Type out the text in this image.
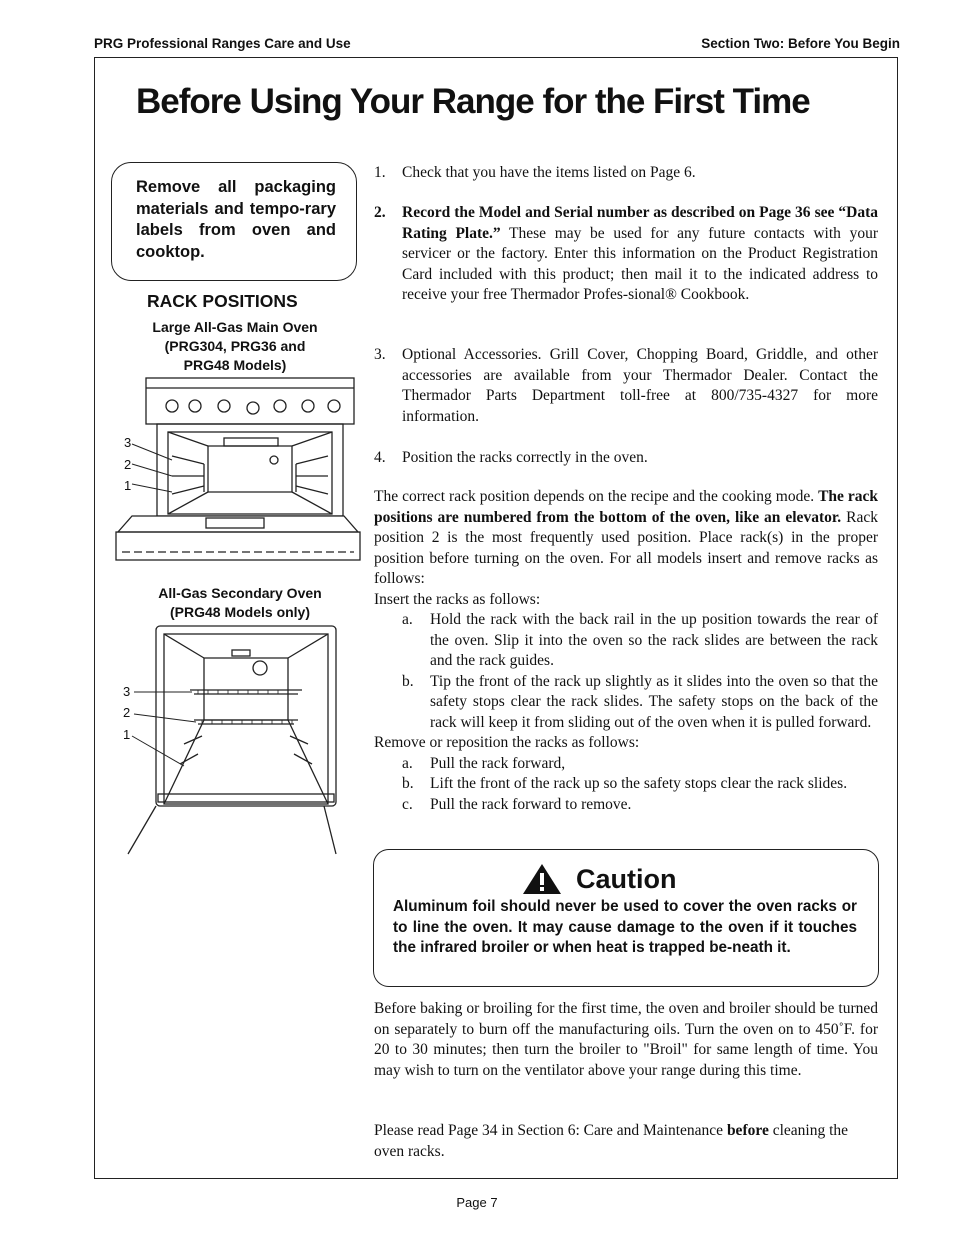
PRG Professional Ranges Care and Use	Section Two: Before You Begin
Before Using Your Range for the First Time
Remove all packaging materials and tempo-rary labels from oven and cooktop.
RACK POSITIONS
Large All-Gas Main Oven
(PRG304, PRG36 and
PRG48 Models)
3
2
1
All-Gas Secondary Oven
(PRG48 Models only)
3
2
1
1.	Check that you have the items listed on Page 6.

2.	Record the Model and Serial number as described on Page 36 see “Data Rating Plate.” These may be used for any future contacts with your servicer or the factory. Enter this information on the Product Registration Card included with this product; then mail it to the indicated address to receive your free Thermador Profes-sional® Cookbook.

3.	Optional Accessories. Grill Cover, Chopping Board, Griddle, and other accessories are available from your Thermador Dealer. Contact the Thermador Parts Department toll-free at 800/735-4327 for more information.

4.	Position the racks correctly in the oven.

The correct rack position depends on the recipe and the cooking mode. The rack positions are numbered from the bottom of the oven, like an elevator. Rack position 2 is the most frequently used position. Place rack(s) in the proper position before turning on the oven. For all models insert and remove racks as follows:

Insert the racks as follows:

a. Hold the rack with the back rail in the up position towards the rear of the oven. Slip it into the oven so the rack slides are between the rack and the rack guides.
b. Tip the front of the rack up slightly as it slides into the oven so that the safety stops clear the rack slides. The safety stops on the back of the rack will keep it from sliding out of the oven when it is pulled forward.

Remove or reposition the racks as follows:

a. Pull the rack forward,
b. Lift the front of the rack up so the safety stops clear the rack slides.
c. Pull the rack forward to remove.
Caution
Aluminum foil should never be used to cover the oven racks or to line the oven. It may cause damage to the oven if it touches the infrared broiler or when heat is trapped be-neath it.
Before baking or broiling for the first time, the oven and broiler should be turned on separately to burn off the manufacturing oils. Turn the oven on to 450˚F. for 20 to 30 minutes; then turn the broiler to "Broil" for same length of time. You may wish to turn on the ventilator above your range during this time.
Please read Page 34 in Section 6: Care and Maintenance before cleaning the oven racks.
Page 7
